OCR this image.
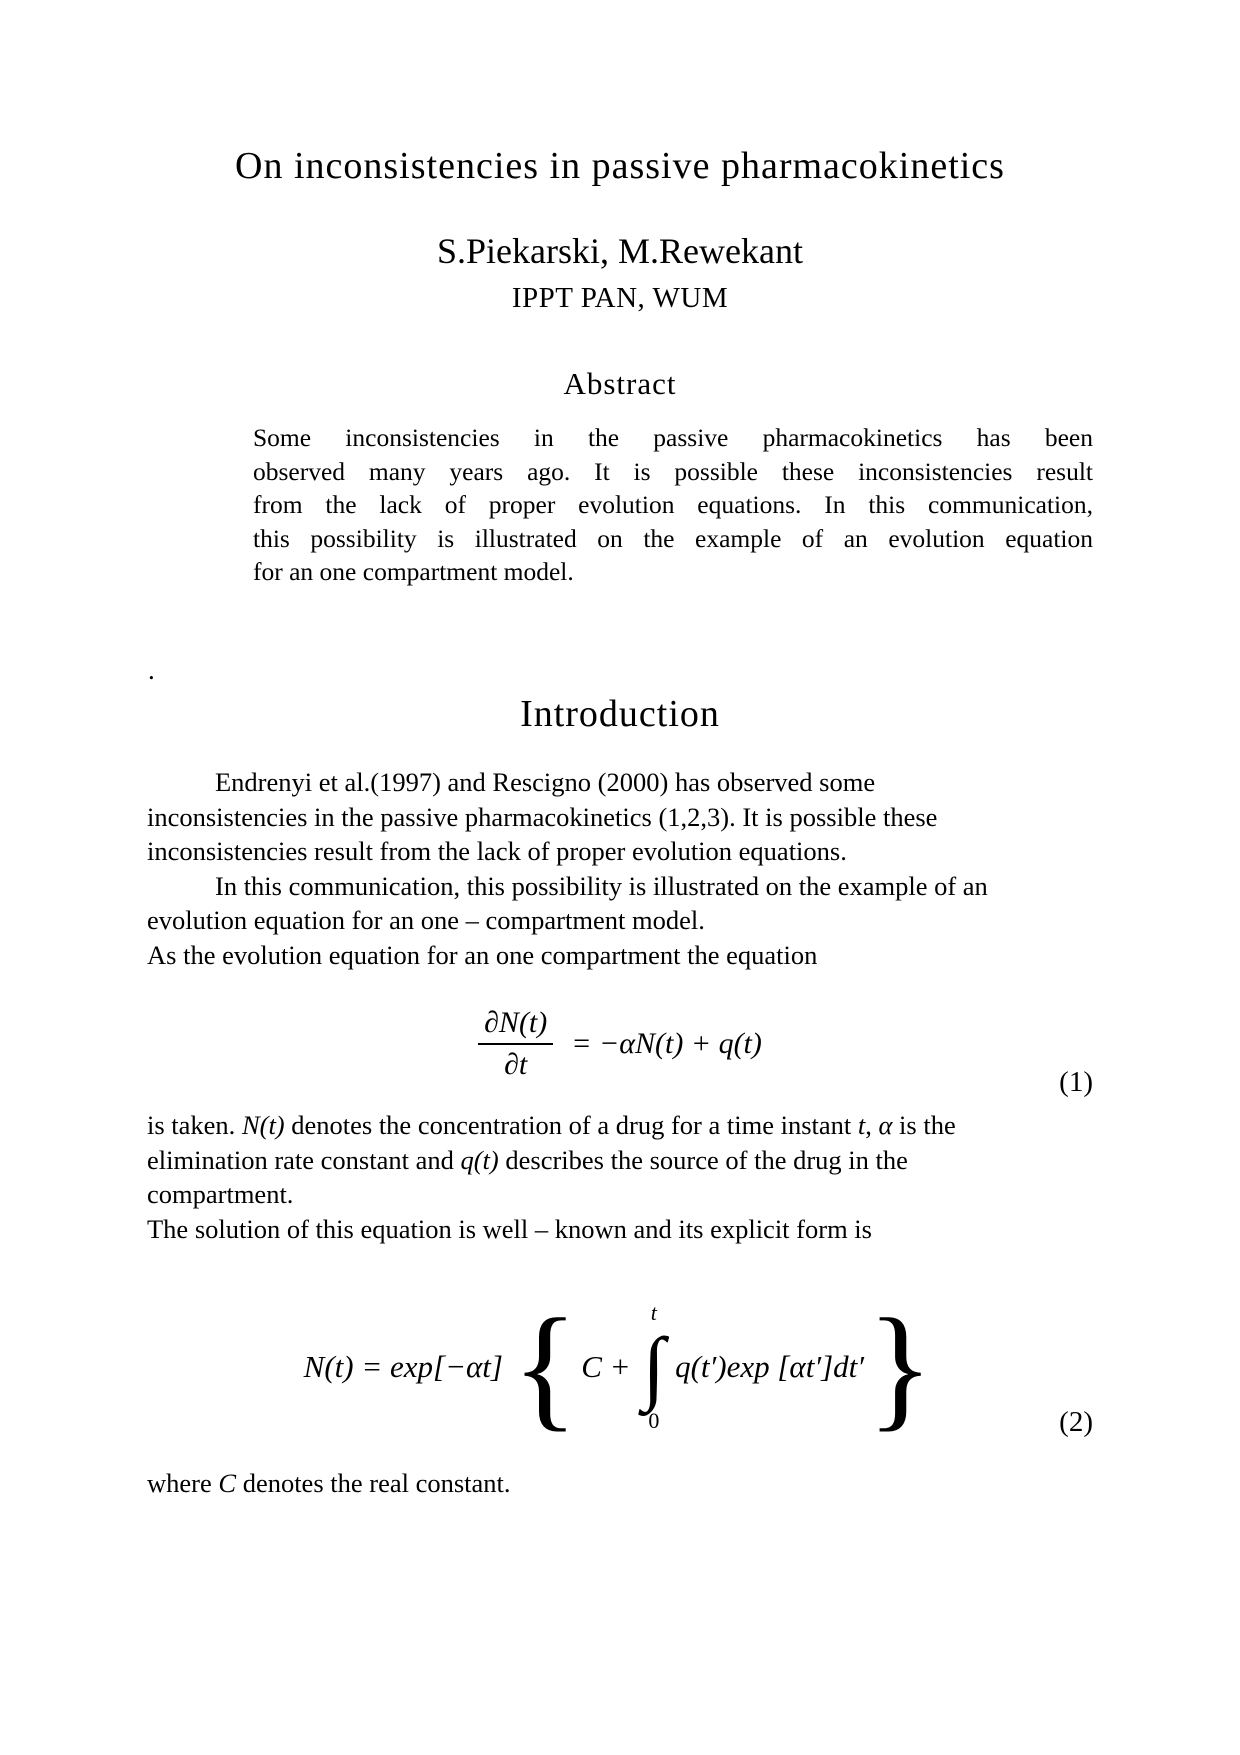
On inconsistencies in passive pharmacokinetics
S.Piekarski, M.Rewekant
IPPT PAN, WUM
Abstract
Some inconsistencies in the passive pharmacokinetics has been
observed many years ago. It is possible these inconsistencies result
from the lack of proper evolution equations. In this communication,
this possibility is illustrated on the example of an evolution equation
for an one compartment model.
.
Introduction
Endrenyi et al.(1997) and Rescigno (2000) has observed some
inconsistencies in the passive pharmacokinetics (1,2,3). It is possible these
inconsistencies result from the lack of proper evolution equations.
In this communication, this possibility is illustrated on the example of an
evolution equation for an one – compartment model.
As the evolution equation for an one compartment the equation
$\frac{\partial N(t)}{\partial t} = -\alpha N(t) + q(t)$
(1)
is taken. N(t) denotes the concentration of a drug for a time instant t, α is the
elimination rate constant and q(t) describes the source of the drug in the
compartment.
The solution of this equation is well – known and its explicit form is
N(t) = exp[−αt] { C +
t
∫
0
q(t′)exp [αt′]dt′ }	(2)
where C denotes the real constant.
